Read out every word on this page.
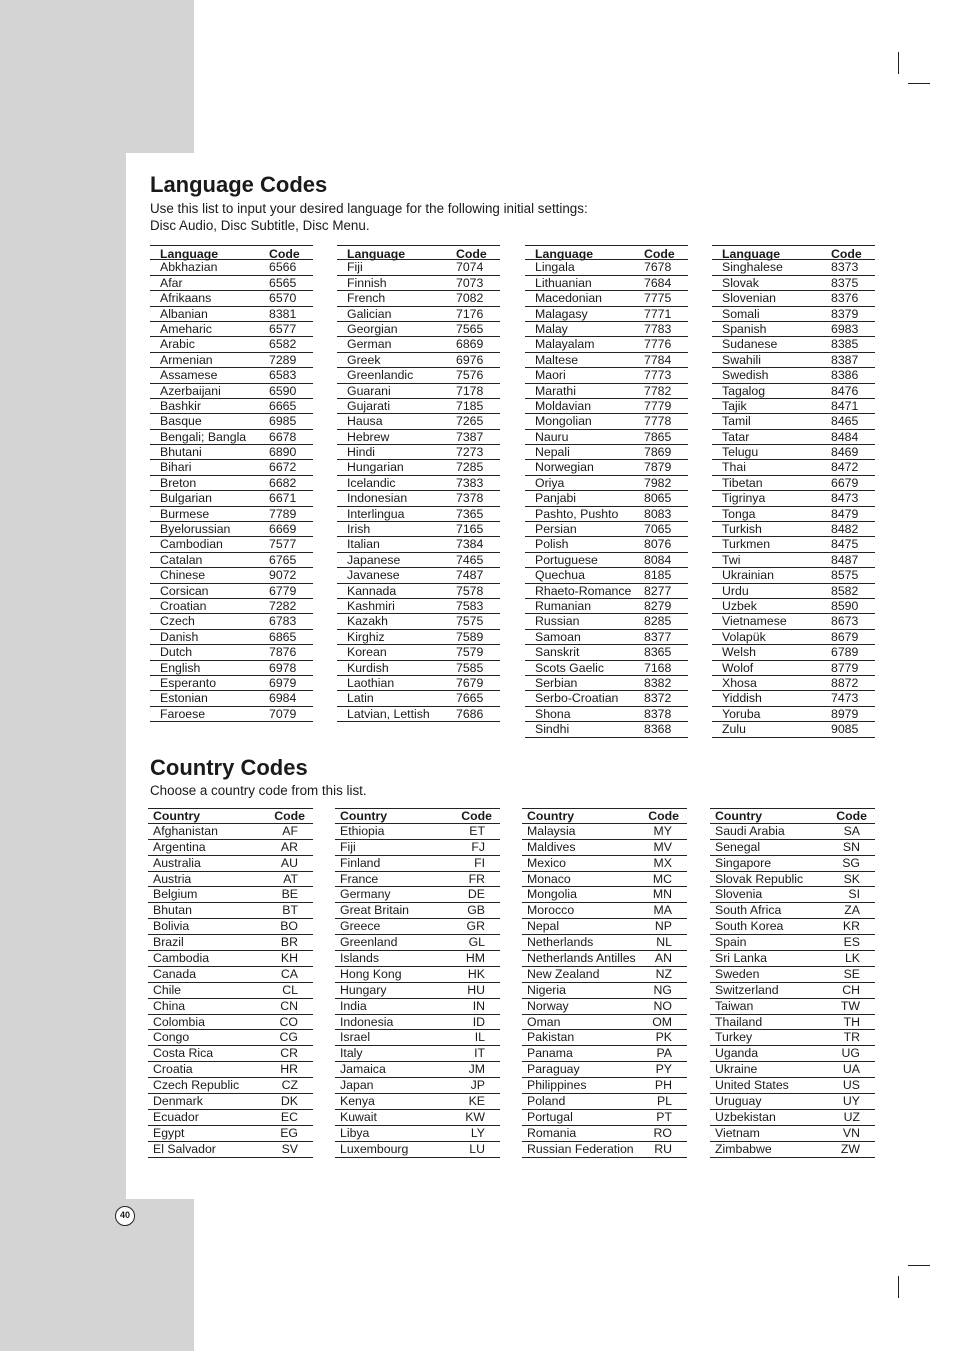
Language Codes

Use this list to input your desired language for the following initial settings:

Disc Audio, Disc Subtitle, Disc Menu.

Language	Code
Abkhazian	6566
Afar	6565
Afrikaans	6570
Albanian	8381
Ameharic	6577
Arabic	6582
Armenian	7289
Assamese	6583
Azerbaijani	6590
Bashkir	6665
Basque	6985
Bengali; Bangla 6678
Bhutani	6890
Bihari	6672
Breton	6682
Bulgarian	6671
Burmese	7789
Byelorussian	6669
Cambodian	7577
Catalan	6765
Chinese	9072
Corsican	6779
Croatian	7282
Czech	6783
Danish	6865
Dutch	7876
English	6978
Esperanto	6979
Estonian	6984
Faroese	7079
Language	Code
Fiji	7074
Finnish	7073
French	7082
Galician	7176
Georgian	7565
German	6869
Greek	6976
Greenlandic	7576
Guarani	7178
Gujarati	7185
Hausa	7265
Hebrew	7387
Hindi	7273
Hungarian	7285
Icelandic	7383
Indonesian	7378
Interlingua	7365
Irish	7165
Italian	7384
Japanese	7465
Javanese	7487
Kannada	7578
Kashmiri	7583
Kazakh	7575
Kirghiz	7589
Korean	7579
Kurdish	7585
Laothian	7679
Latin	7665
Latvian, Lettish 7686
Language	Code
Lingala	7678
Lithuanian	7684
Macedonian	7775
Malagasy	7771
Malay	7783
Malayalam	7776
Maltese	7784
Maori	7773
Marathi	7782
Moldavian	7779
Mongolian	7778
Nauru	7865
Nepali	7869
Norwegian	7879
Oriya	7982
Panjabi	8065
Pashto, Pushto 8083
Persian	7065
Polish	8076
Portuguese	8084
Quechua	8185
Rhaeto-Romance 8277
Rumanian	8279
Russian	8285
Samoan	8377
Sanskrit	8365
Scots Gaelic	7168
Serbian	8382
Serbo-Croatian 8372
Shona	8378
Sindhi	8368
Language	Code
Singhalese	8373
Slovak	8375
Slovenian	8376
Somali	8379
Spanish	6983
Sudanese	8385
Swahili	8387
Swedish	8386
Tagalog	8476
Tajik	8471
Tamil	8465
Tatar	8484
Telugu	8469
Thai	8472
Tibetan	6679
Tigrinya	8473
Tonga	8479
Turkish	8482
Turkmen	8475
Twi	8487
Ukrainian	8575
Urdu	8582
Uzbek	8590
Vietnamese	8673
Volapük	8679
Welsh	6789
Wolof	8779
Xhosa	8872
Yiddish	7473
Yoruba	8979
Zulu	9085
Country Codes

Choose a country code from this list.

Country	Code
Afghanistan	AF
Argentina	AR
Australia	AU
Austria	AT
Belgium	BE
Bhutan	BT
Bolivia	BO
Brazil	BR
Cambodia	KH
Canada	CA
Chile	CL
China	CN
Colombia	CO
Congo	CG
Costa Rica	CR
Croatia	HR
Czech Republic	CZ
Denmark	DK
Ecuador	EC
Egypt	EG
El Salvador	SV
Country	Code
Ethiopia	ET
Fiji	FJ
Finland	FI
France	FR
Germany	DE
Great Britain	GB
Greece	GR
Greenland	GL
Islands	HM
Hong Kong	HK
Hungary	HU
India	IN
Indonesia	ID
Israel	IL
Italy	IT
Jamaica	JM
Japan	JP
Kenya	KE
Kuwait	KW
Libya	LY
Luxembourg	LU
Country	Code
Malaysia	MY
Maldives	MV
Mexico	MX
Monaco	MC
Mongolia	MN
Morocco	MA
Nepal	NP
Netherlands	NL
Netherlands Antilles	AN
New Zealand	NZ
Nigeria	NG
Norway	NO
Oman	OM
Pakistan	PK
Panama	PA
Paraguay	PY
Philippines	PH
Poland	PL
Portugal	PT
Romania	RO
Russian Federation	RU
Country	Code
Saudi Arabia	SA
Senegal	SN
Singapore	SG
Slovak Republic	SK
Slovenia	SI
South Africa	ZA
South Korea	KR
Spain	ES
Sri Lanka	LK
Sweden	SE
Switzerland	CH
Taiwan	TW
Thailand	TH
Turkey	TR
Uganda	UG
Ukraine	UA
United States	US
Uruguay	UY
Uzbekistan	UZ
Vietnam	VN
Zimbabwe	ZW
40
